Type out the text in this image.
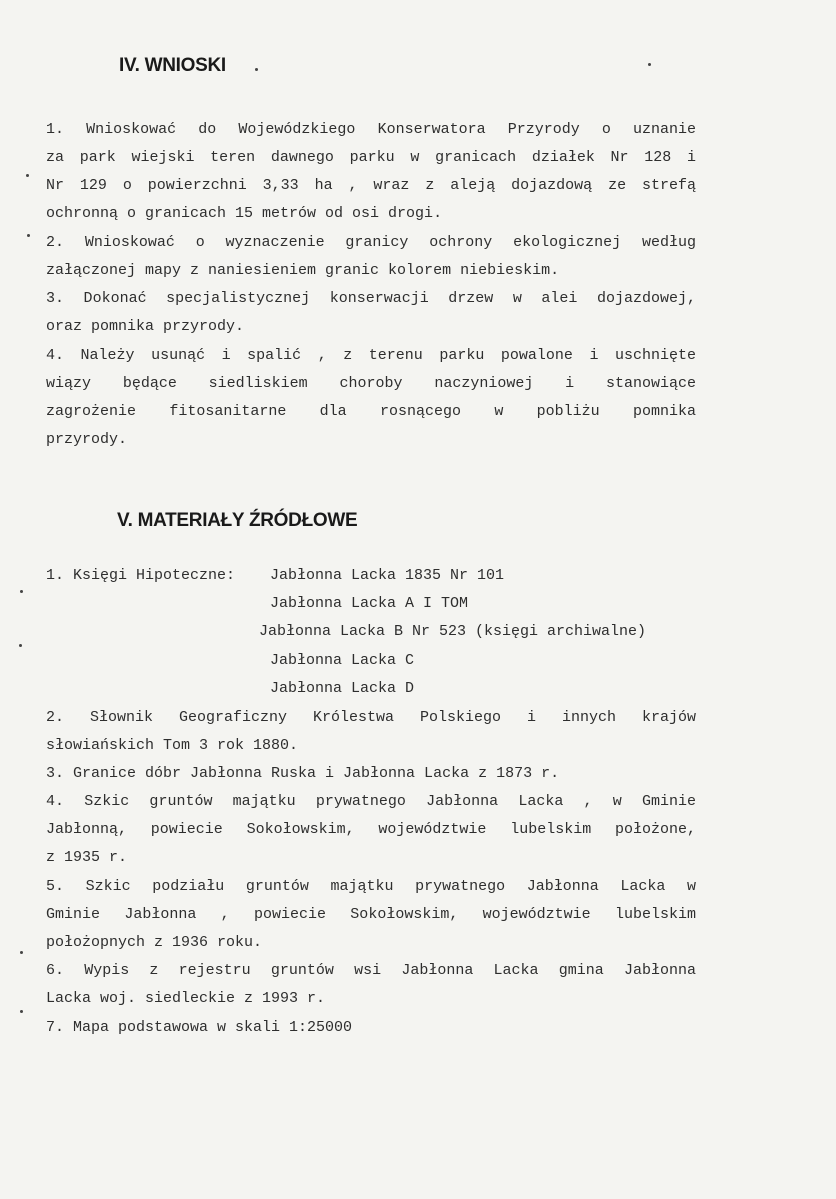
IV. WNIOSKI
1. Wnioskować do Wojewódzkiego Konserwatora Przyrody o uznanie
za park wiejski teren dawnego parku w granicach działek Nr 128 i
Nr 129 o powierzchni 3,33 ha , wraz z aleją dojazdową ze strefą
ochronną o granicach 15 metrów od osi drogi.
2. Wnioskować o wyznaczenie granicy ochrony ekologicznej według
załączonej mapy z naniesieniem granic kolorem niebieskim.
3. Dokonać specjalistycznej konserwacji drzew w alei dojazdowej,
oraz pomnika przyrody.
4. Należy usunąć i spalić , z terenu parku powalone i uschnięte
wiązy będące siedliskiem choroby naczyniowej i stanowiące
zagrożenie fitosanitarne dla rosnącego w pobliżu pomnika
przyrody.
V. MATERIAŁY ŹRÓDŁOWE
1. Księgi Hipoteczne:	Jabłonna Lacka 1835 Nr 101
Jabłonna Lacka A I TOM
Jabłonna Lacka B Nr 523 (księgi archiwalne)
Jabłonna Lacka C
Jabłonna Lacka D
2. Słownik Geograficzny Królestwa Polskiego i innych krajów
słowiańskich Tom 3 rok 1880.
3. Granice dóbr Jabłonna Ruska i Jabłonna Lacka z 1873 r.
4. Szkic gruntów majątku prywatnego Jabłonna Lacka , w Gminie
Jabłonną, powiecie Sokołowskim, województwie lubelskim położone,
z 1935 r.
5. Szkic podziału gruntów majątku prywatnego Jabłonna Lacka w
Gminie Jabłonna , powiecie Sokołowskim, województwie lubelskim
położopnych z 1936 roku.
6. Wypis z rejestru gruntów wsi Jabłonna Lacka gmina Jabłonna
Lacka woj. siedleckie z 1993 r.
7. Mapa podstawowa w skali 1:25000
